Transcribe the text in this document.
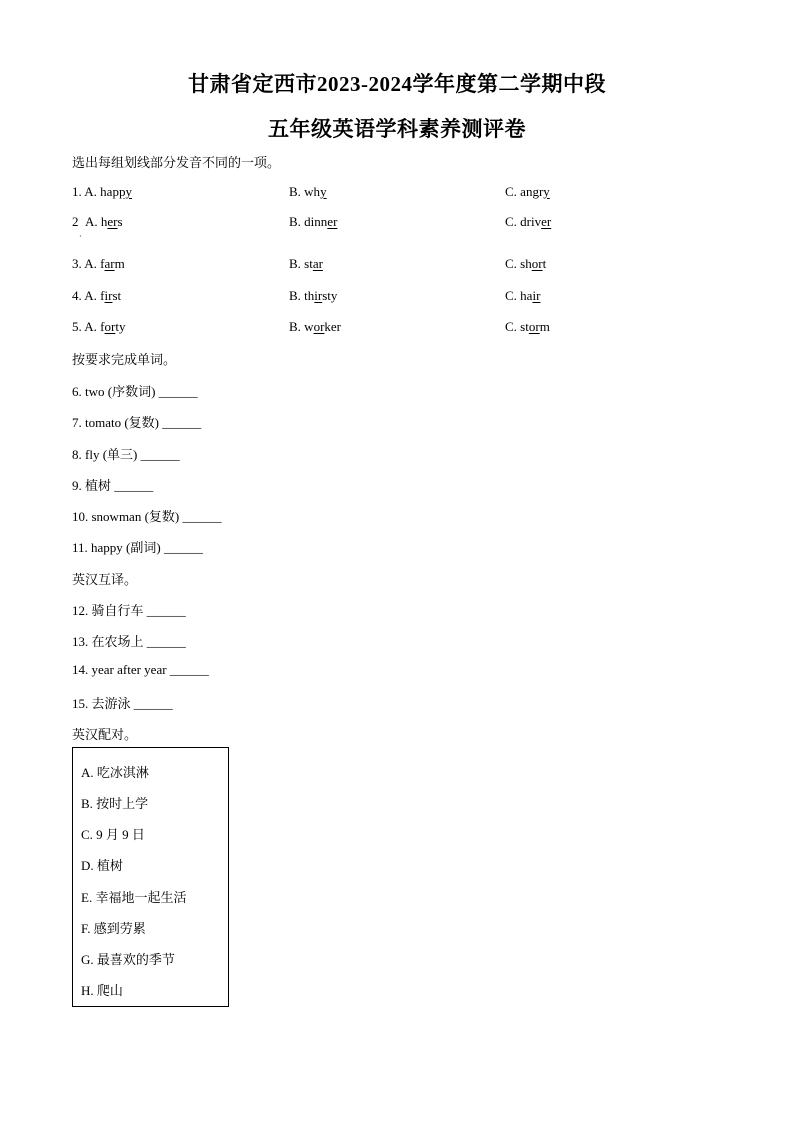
甘肃省定西市2023-2024学年度第二学期中段
五年级英语学科素养测评卷
选出每组划线部分发音不同的一项。
1. A. happy	B. why	C. angry
2 A. hers	B. dinner	C. driver
·
3. A. farm	B. star	C. short
4. A. first	B. thirsty	C. hair
5. A. forty	B. worker	C. storm
按要求完成单词。
6. two (序数词) ______
7. tomato (复数) ______
8. fly (单三) ______
9. 植树 ______
10. snowman (复数) ______
11. happy (副词) ______
英汉互译。
12. 骑自行车 ______
13. 在农场上 ______
14. year after year ______
15. 去游泳 ______
英汉配对。
A. 吃冰淇淋
B. 按时上学
C. 9 月 9 日
D. 植树
E. 幸福地一起生活
F. 感到劳累
G. 最喜欢的季节
H. 爬山
